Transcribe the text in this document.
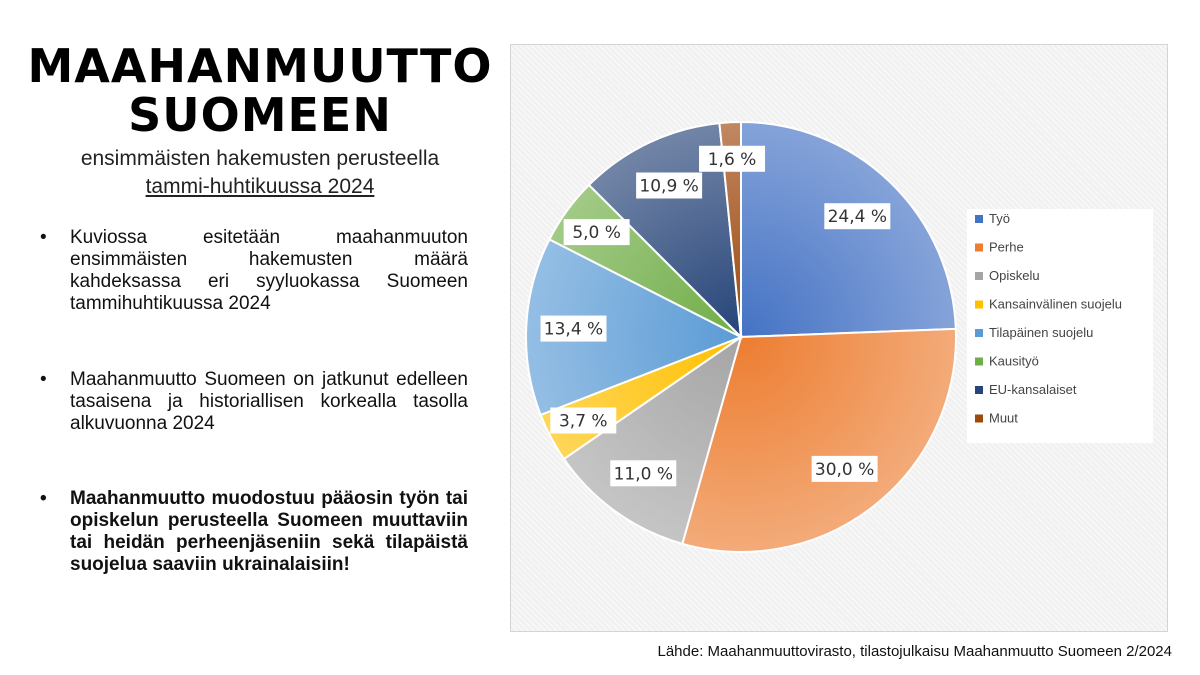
MAAHANMUUTTO
SUOMEEN
ensimmäisten hakemusten perusteella
tammi-huhtikuussa 2024
• Kuviossa esitetään maahanmuuton ensimmäisten hakemusten määrä kahdeksassa eri syyluokassa Suomeen tammihuhtikuussa 2024
• Maahanmuutto Suomeen on jatkunut edelleen tasaisena ja historiallisen korkealla tasolla alkuvuonna 2024
• Maahanmuutto muodostuu pääosin työn tai opiskelun perusteella Suomeen muuttaviin tai heidän perheenjäseniin sekä tilapäistä suojelua saaviin ukrainalaisiin!
24,4 %
30,0 %
11,0 %
3,7 %
13,4 %
5,0 %
10,9 %
1,6 %
Työ
Perhe
Opiskelu
Kansainvälinen suojelu
Tilapäinen suojelu
Kausityö
EU-kansalaiset
Muut
Lähde: Maahanmuuttovirasto, tilastojulkaisu Maahanmuutto Suomeen 2/2024
